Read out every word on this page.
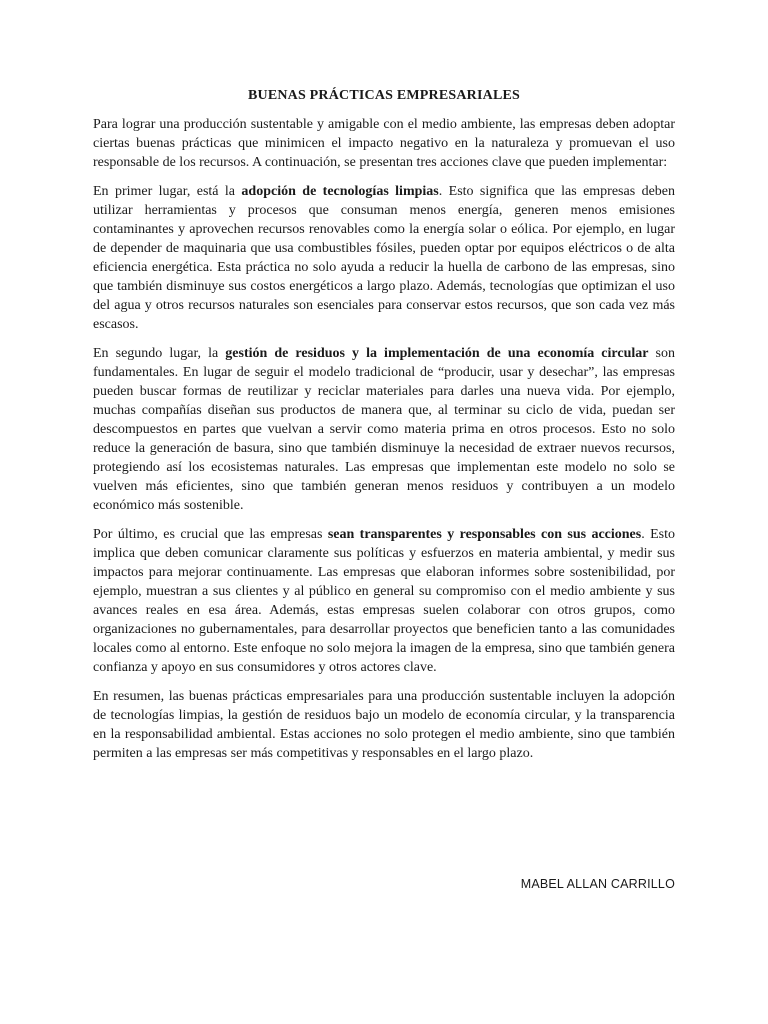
BUENAS PRÁCTICAS EMPRESARIALES

Para lograr una producción sustentable y amigable con el medio ambiente, las empresas deben adoptar ciertas buenas prácticas que minimicen el impacto negativo en la naturaleza y promuevan el uso responsable de los recursos. A continuación, se presentan tres acciones clave que pueden implementar:

En primer lugar, está la adopción de tecnologías limpias. Esto significa que las empresas deben utilizar herramientas y procesos que consuman menos energía, generen menos emisiones contaminantes y aprovechen recursos renovables como la energía solar o eólica. Por ejemplo, en lugar de depender de maquinaria que usa combustibles fósiles, pueden optar por equipos eléctricos o de alta eficiencia energética. Esta práctica no solo ayuda a reducir la huella de carbono de las empresas, sino que también disminuye sus costos energéticos a largo plazo. Además, tecnologías que optimizan el uso del agua y otros recursos naturales son esenciales para conservar estos recursos, que son cada vez más escasos.

En segundo lugar, la gestión de residuos y la implementación de una economía circular son fundamentales. En lugar de seguir el modelo tradicional de “producir, usar y desechar”, las empresas pueden buscar formas de reutilizar y reciclar materiales para darles una nueva vida. Por ejemplo, muchas compañías diseñan sus productos de manera que, al terminar su ciclo de vida, puedan ser descompuestos en partes que vuelvan a servir como materia prima en otros procesos. Esto no solo reduce la generación de basura, sino que también disminuye la necesidad de extraer nuevos recursos, protegiendo así los ecosistemas naturales. Las empresas que implementan este modelo no solo se vuelven más eficientes, sino que también generan menos residuos y contribuyen a un modelo económico más sostenible.

Por último, es crucial que las empresas sean transparentes y responsables con sus acciones. Esto implica que deben comunicar claramente sus políticas y esfuerzos en materia ambiental, y medir sus impactos para mejorar continuamente. Las empresas que elaboran informes sobre sostenibilidad, por ejemplo, muestran a sus clientes y al público en general su compromiso con el medio ambiente y sus avances reales en esa área. Además, estas empresas suelen colaborar con otros grupos, como organizaciones no gubernamentales, para desarrollar proyectos que beneficien tanto a las comunidades locales como al entorno. Este enfoque no solo mejora la imagen de la empresa, sino que también genera confianza y apoyo en sus consumidores y otros actores clave.

En resumen, las buenas prácticas empresariales para una producción sustentable incluyen la adopción de tecnologías limpias, la gestión de residuos bajo un modelo de economía circular, y la transparencia en la responsabilidad ambiental. Estas acciones no solo protegen el medio ambiente, sino que también permiten a las empresas ser más competitivas y responsables en el largo plazo.

MABEL ALLAN CARRILLO
